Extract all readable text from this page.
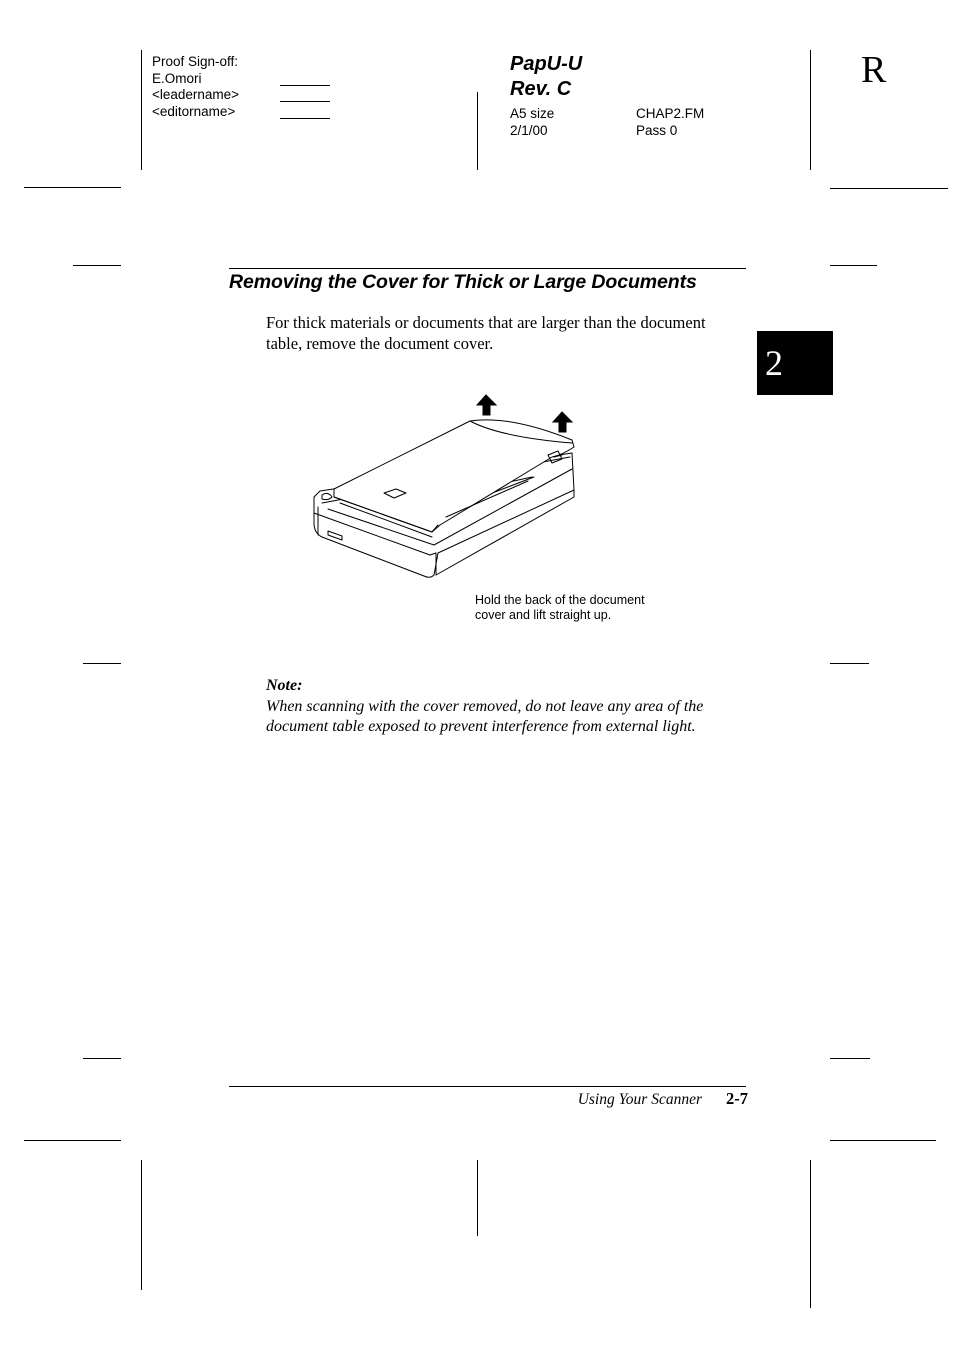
Proof Sign-off:
E.Omori
<leadername>
<editorname>
PapU-U
Rev. C
A5 size
2/1/00
CHAP2.FM
Pass 0
R
2
Removing the Cover for Thick or Large Documents
For thick materials or documents that are larger than the document table, remove the document cover.
Hold the back of the document
cover and lift straight up.
Note:
When scanning with the cover removed, do not leave any area of the document table exposed to prevent interference from external light.
Using Your Scanner 2-7
